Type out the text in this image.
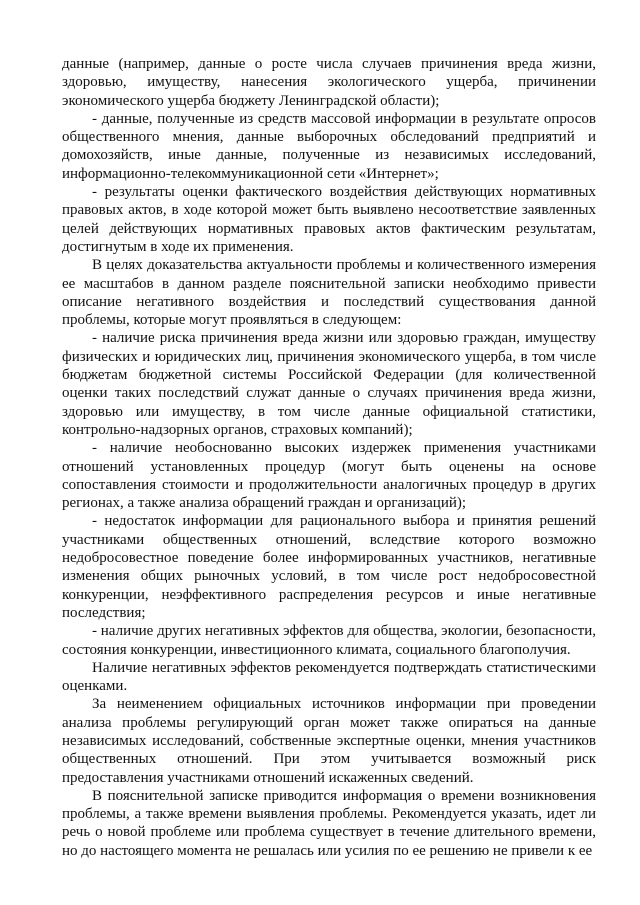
данные (например, данные о росте числа случаев причинения вреда жизни, здоровью, имуществу, нанесения экологического ущерба, причинении экономического ущерба бюджету Ленинградской области);

- данные, полученные из средств массовой информации в результате опросов общественного мнения, данные выборочных обследований предприятий и домохозяйств, иные данные, полученные из независимых исследований, информационно-телекоммуникационной сети «Интернет»;

- результаты оценки фактического воздействия действующих нормативных правовых актов, в ходе которой может быть выявлено несоответствие заявленных целей действующих нормативных правовых актов фактическим результатам, достигнутым в ходе их применения.

В целях доказательства актуальности проблемы и количественного измерения ее масштабов в данном разделе пояснительной записки необходимо привести описание негативного воздействия и последствий существования данной проблемы, которые могут проявляться в следующем:

- наличие риска причинения вреда жизни или здоровью граждан, имуществу физических и юридических лиц, причинения экономического ущерба, в том числе бюджетам бюджетной системы Российской Федерации (для количественной оценки таких последствий служат данные о случаях причинения вреда жизни, здоровью или имуществу, в том числе данные официальной статистики, контрольно-надзорных органов, страховых компаний);

- наличие необоснованно высоких издержек применения участниками отношений установленных процедур (могут быть оценены на основе сопоставления стоимости и продолжительности аналогичных процедур в других регионах, а также анализа обращений граждан и организаций);

- недостаток информации для рационального выбора и принятия решений участниками общественных отношений, вследствие которого возможно недобросовестное поведение более информированных участников, негативные изменения общих рыночных условий, в том числе рост недобросовестной конкуренции, неэффективного распределения ресурсов и иные негативные последствия;

- наличие других негативных эффектов для общества, экологии, безопасности, состояния конкуренции, инвестиционного климата, социального благополучия.

Наличие негативных эффектов рекомендуется подтверждать статистическими оценками.

За неименением официальных источников информации при проведении анализа проблемы регулирующий орган может также опираться на данные независимых исследований, собственные экспертные оценки, мнения участников общественных отношений. При этом учитывается возможный риск предоставления участниками отношений искаженных сведений.

В пояснительной записке приводится информация о времени возникновения проблемы, а также времени выявления проблемы. Рекомендуется указать, идет ли речь о новой проблеме или проблема существует в течение длительного времени, но до настоящего момента не решалась или усилия по ее решению не привели к ее
